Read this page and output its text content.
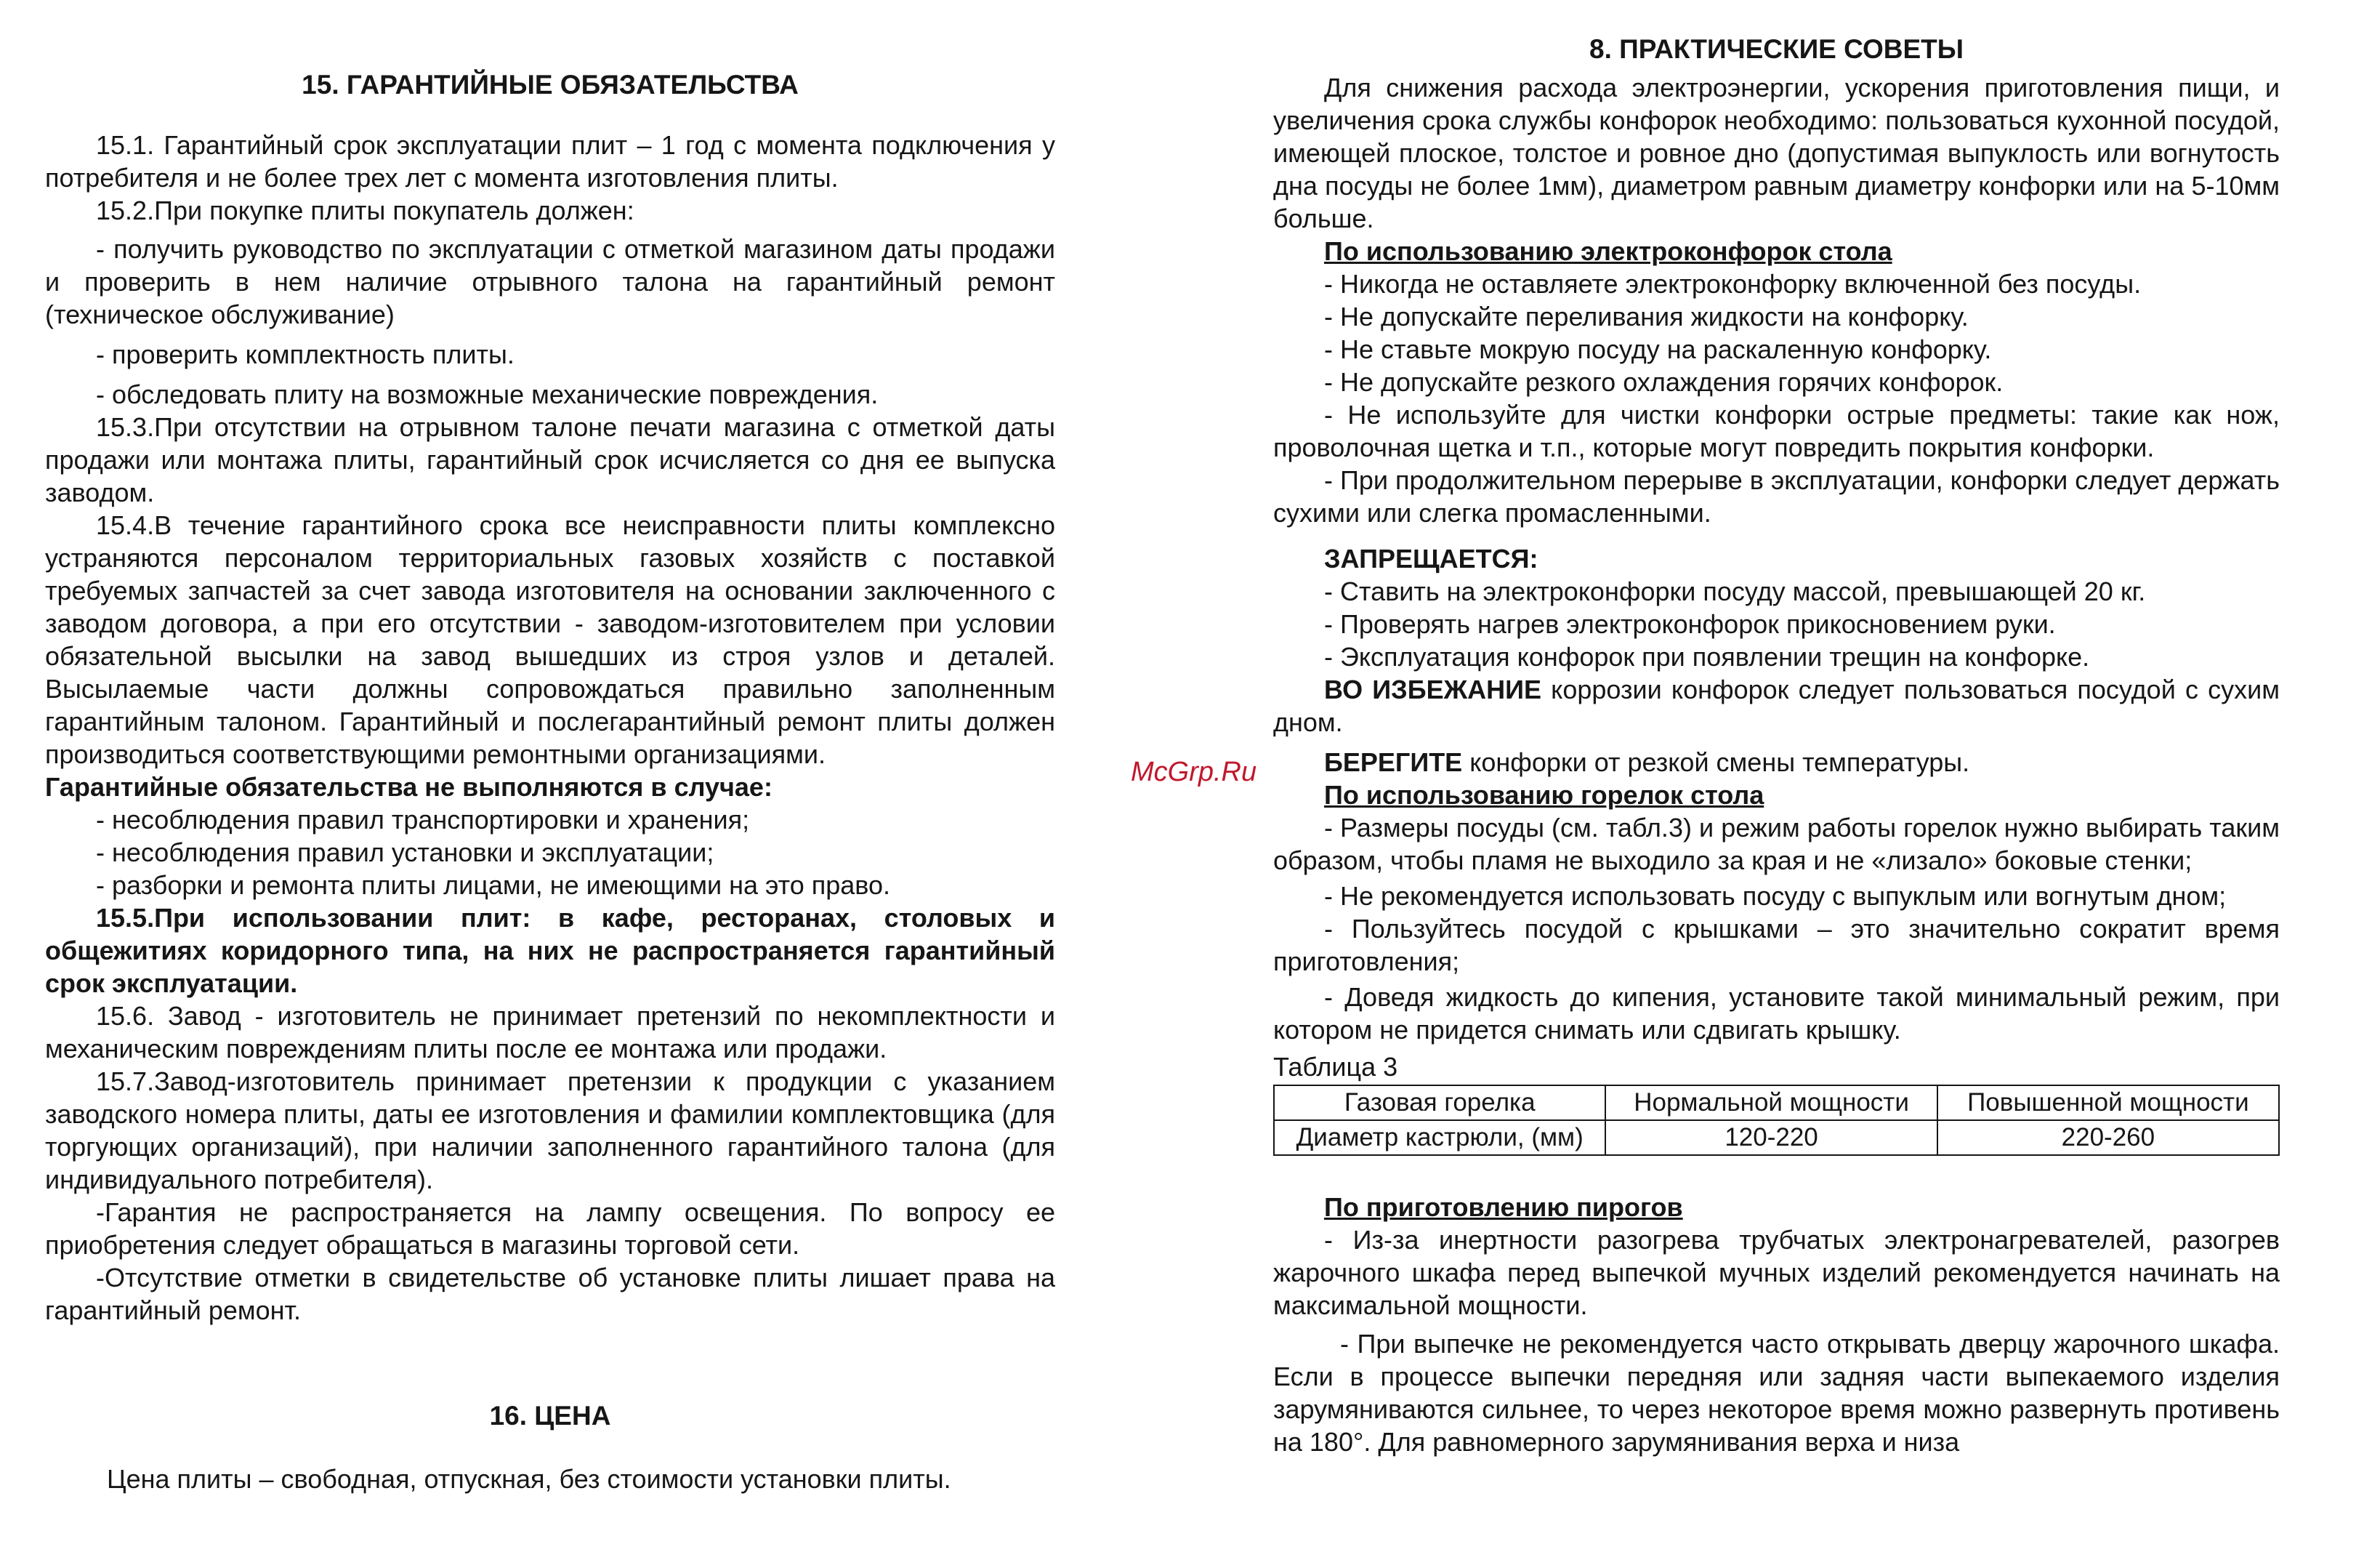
15. ГАРАНТИЙНЫЕ ОБЯЗАТЕЛЬСТВА

15.1. Гарантийный срок эксплуатации плит – 1 год с момента подключения у потребителя и не более трех лет с момента изготовления плиты.

15.2.При покупке плиты покупатель должен:

- получить руководство по эксплуатации с отметкой магазином даты продажи и проверить в нем наличие отрывного талона на гарантийный ремонт (техническое обслуживание)

- проверить комплектность плиты.

- обследовать плиту на возможные механические повреждения.

15.3.При отсутствии на отрывном талоне печати магазина с отметкой даты продажи или монтажа плиты, гарантийный срок исчисляется со дня ее выпуска заводом.

15.4.В течение гарантийного срока все неисправности плиты комплексно устраняются персоналом территориальных газовых хозяйств с поставкой требуемых запчастей за счет завода изготовителя на основании заключенного с заводом договора, а при его отсутствии - заводом-изготовителем при условии обязательной высылки на завод вышедших из строя узлов и деталей. Высылаемые части должны сопровождаться правильно заполненным гарантийным талоном. Гарантийный и послегарантийный ремонт плиты должен производиться соответствующими ремонтными организациями.

Гарантийные обязательства не выполняются в случае:

- несоблюдения правил транспортировки и хранения;

- несоблюдения правил установки и эксплуатации;

- разборки и ремонта плиты лицами, не имеющими на это право.

15.5.При использовании плит: в кафе, ресторанах, столовых и общежитиях коридорного типа, на них не распространяется гарантийный срок эксплуатации.

15.6. Завод - изготовитель не принимает претензий по некомплектности и механическим повреждениям плиты после ее монтажа или продажи.

15.7.Завод-изготовитель принимает претензии к продукции с указанием заводского номера плиты, даты ее изготовления и фамилии комплектовщика (для торгующих организаций), при наличии заполненного гарантийного талона (для индивидуального потребителя).

-Гарантия не распространяется на лампу освещения. По вопросу ее приобретения следует обращаться в магазины торговой сети.

-Отсутствие отметки в свидетельстве об установке плиты лишает права на гарантийный ремонт.

16. ЦЕНА

Цена плиты – свободная, отпускная, без стоимости установки плиты.

8. ПРАКТИЧЕСКИЕ СОВЕТЫ

Для снижения расхода электроэнергии, ускорения приготовления пищи, и увеличения срока службы конфорок необходимо: пользоваться кухонной посудой, имеющей плоское, толстое и ровное дно (допустимая выпуклость или вогнутость дна посуды не более 1мм), диаметром равным диаметру конфорки или на 5-10мм больше.

По использованию электроконфорок стола

- Никогда не оставляете электроконфорку включенной без посуды.

- Не допускайте переливания жидкости на конфорку.

- Не ставьте мокрую посуду на раскаленную конфорку.

- Не допускайте резкого охлаждения горячих конфорок.

- Не используйте для чистки конфорки острые предметы: такие как нож, проволочная щетка и т.п., которые могут повредить покрытия конфорки.

- При продолжительном перерыве в эксплуатации, конфорки следует держать сухими или слегка промасленными.

ЗАПРЕЩАЕТСЯ:

- Ставить на электроконфорки посуду массой, превышающей 20 кг.

- Проверять нагрев электроконфорок прикосновением руки.

- Эксплуатация конфорок при появлении трещин на конфорке.

ВО ИЗБЕЖАНИЕ коррозии конфорок следует пользоваться посудой с сухим дном.

БЕРЕГИТЕ конфорки от резкой смены температуры.

По использованию горелок стола

- Размеры посуды (см. табл.3) и режим работы горелок нужно выбирать таким образом, чтобы пламя не выходило за края и не «лизало» боковые стенки;

- Не рекомендуется использовать посуду с выпуклым или вогнутым дном;

- Пользуйтесь посудой с крышками – это значительно сократит время приготовления;

- Доведя жидкость до кипения, установите такой минимальный режим, при котором не придется снимать или сдвигать крышку.

Таблица 3

Газовая горелка	Нормальной мощности	Повышенной мощности
Диаметр кастрюли, (мм)	120-220	220-260

По приготовлению пирогов

- Из-за инертности разогрева трубчатых электронагревателей, разогрев жарочного шкафа перед выпечкой мучных изделий рекомендуется начинать на максимальной мощности.

- При выпечке не рекомендуется часто открывать дверцу жарочного шкафа. Если в процессе выпечки передняя или задняя части выпекаемого изделия зарумяниваются сильнее, то через некоторое время можно развернуть противень на 180°. Для равномерного зарумянивания верха и низа

McGrp.Ru
